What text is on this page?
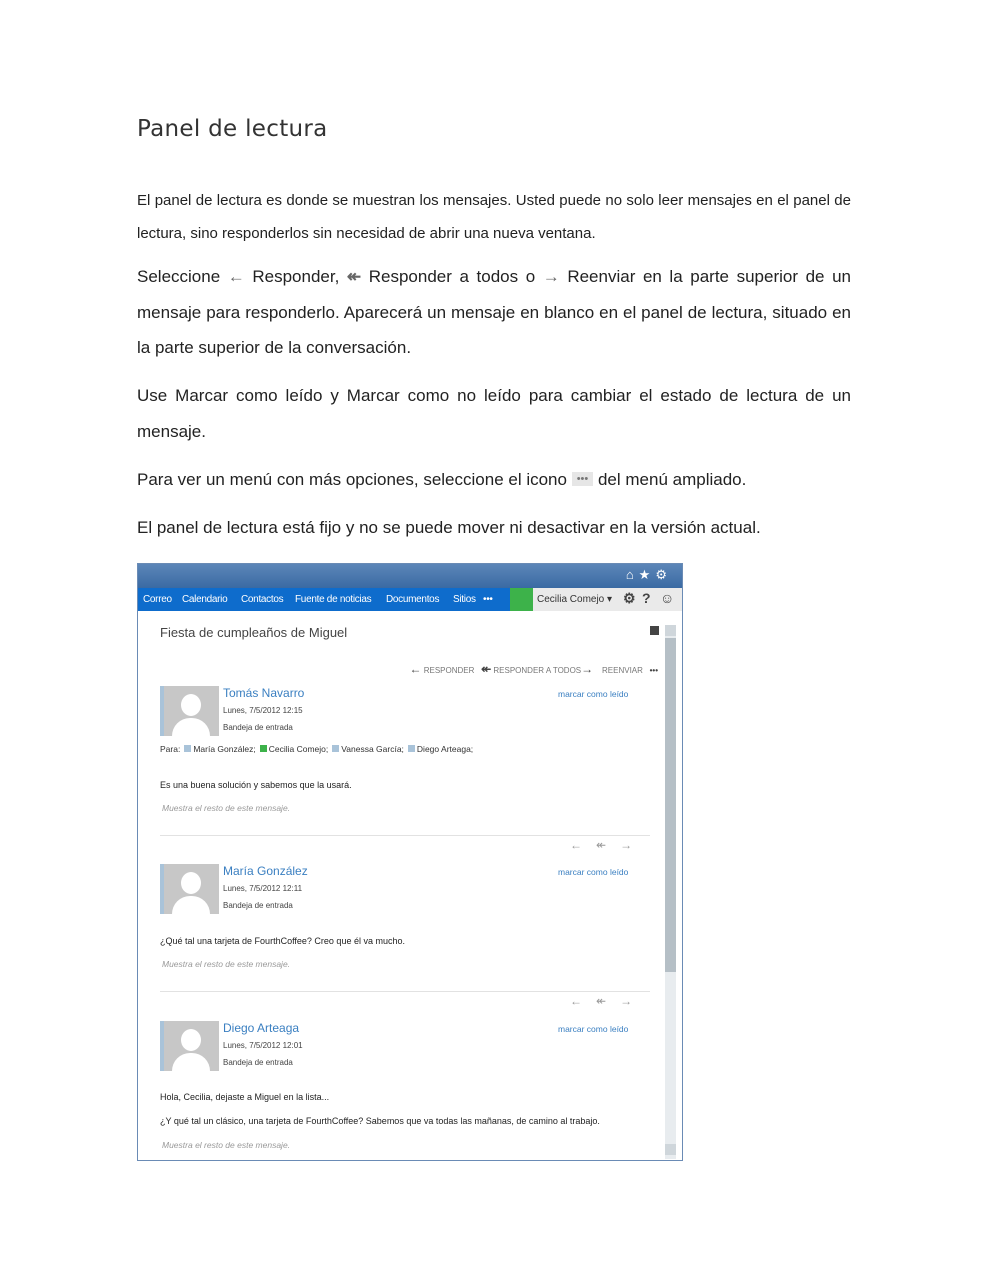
Panel de lectura
El panel de lectura es donde se muestran los mensajes. Usted puede no solo leer mensajes en el panel de lectura, sino responderlos sin necesidad de abrir una nueva ventana.
Seleccione ← Responder, ↞ Responder a todos o → Reenviar en la parte superior de un mensaje para responderlo. Aparecerá un mensaje en blanco en el panel de lectura, situado en la parte superior de la conversación.
Use Marcar como leído y Marcar como no leído para cambiar el estado de lectura de un mensaje.
Para ver un menú con más opciones, seleccione el icono ••• del menú ampliado.
El panel de lectura está fijo y no se puede mover ni desactivar en la versión actual.
⌂★⚙
Correo Calendario Contactos Fuente de noticias Documentos Sitios •••	Cecilia Comejo ▾ ⚙ ? ☺
Fiesta de cumpleaños de Miguel
← RESPONDER ↞ RESPONDER A TODOS→ REENVIAR •••
Tomás Navarro
Lunes, 7/5/2012 12:15
Bandeja de entrada
marcar como leído
Para: María González; Cecilia Comejo; Vanessa García; Diego Arteaga;
Es una buena solución y sabemos que la usará.
Muestra el resto de este mensaje.
←↞→
María González
Lunes, 7/5/2012 12:11
Bandeja de entrada
marcar como leído
¿Qué tal una tarjeta de FourthCoffee? Creo que él va mucho.
Muestra el resto de este mensaje.
←↞→
Diego Arteaga
Lunes, 7/5/2012 12:01
Bandeja de entrada
marcar como leído
Hola, Cecilia, dejaste a Miguel en la lista...
¿Y qué tal un clásico, una tarjeta de FourthCoffee? Sabemos que va todas las mañanas, de camino al trabajo.
Muestra el resto de este mensaje.
